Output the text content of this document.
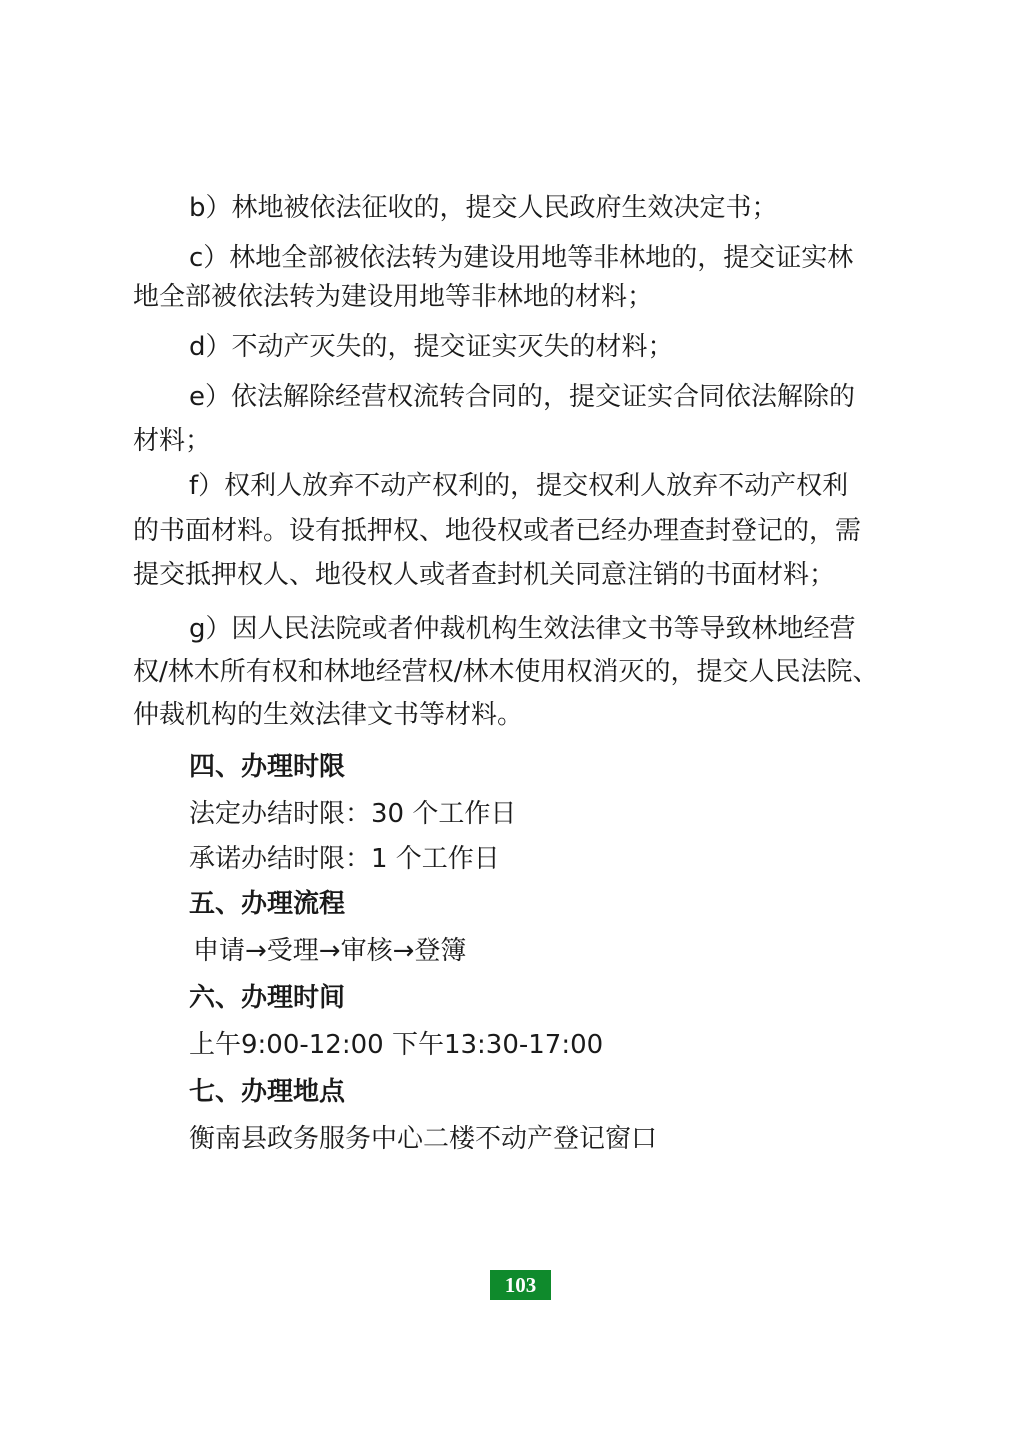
b）林地被依法征收的，提交人民政府生效决定书；
c）林地全部被依法转为建设用地等非林地的，提交证实林
地全部被依法转为建设用地等非林地的材料；
d）不动产灭失的，提交证实灭失的材料；
e）依法解除经营权流转合同的，提交证实合同依法解除的
材料；
f）权利人放弃不动产权利的，提交权利人放弃不动产权利
的书面材料。设有抵押权、地役权或者已经办理查封登记的，需
提交抵押权人、地役权人或者查封机关同意注销的书面材料；
g）因人民法院或者仲裁机构生效法律文书等导致林地经营
权/林木所有权和林地经营权/林木使用权消灭的，提交人民法院、
仲裁机构的生效法律文书等材料。
四、办理时限
法定办结时限：30 个工作日
承诺办结时限：1 个工作日
五、办理流程
申请→受理→审核→登簿
六、办理时间
上午9:00-12:00 下午13:30-17:00
七、办理地点
衡南县政务服务中心二楼不动产登记窗口
103
